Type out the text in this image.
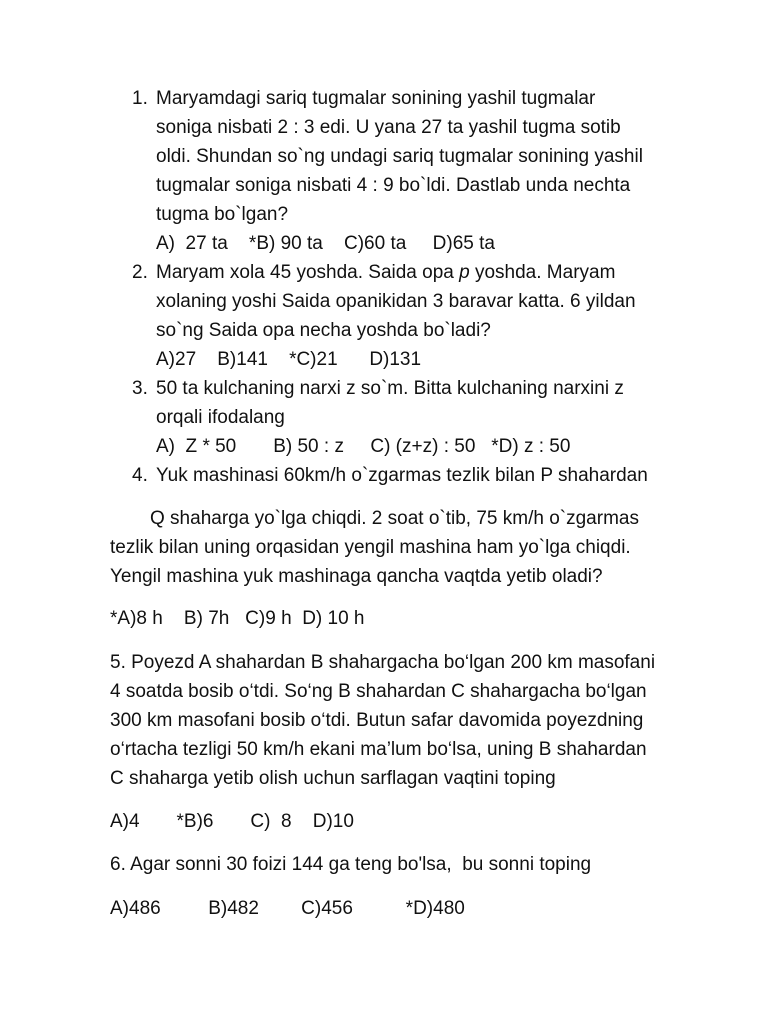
1. Maryamdagi sariq tugmalar sonining yashil tugmalar
soniga nisbati 2 : 3 edi. U yana 27 ta yashil tugma sotib
oldi. Shundan so`ng undagi sariq tugmalar sonining yashil
tugmalar soniga nisbati 4 : 9 bo`ldi. Dastlab unda nechta
tugma bo`lgan?
A)  27 ta    *B) 90 ta    C)60 ta     D)65 ta
2. Maryam xola 45 yoshda. Saida opa p yoshda. Maryam
xolaning yoshi Saida opanikidan 3 baravar katta. 6 yildan
so`ng Saida opa necha yoshda bo`ladi?
A)27    B)141    *C)21      D)131
3. 50 ta kulchaning narxi z so`m. Bitta kulchaning narxini z
orqali ifodalang
A)  Z * 50       B) 50 : z     C) (z+z) : 50   *D) z : 50
4. Yuk mashinasi 60km/h o`zgarmas tezlik bilan P shahardan
Q shaharga yo`lga chiqdi. 2 soat o`tib, 75 km/h o`zgarmas
tezlik bilan uning orqasidan yengil mashina ham yo`lga chiqdi.
Yengil mashina yuk mashinaga qancha vaqtda yetib oladi?
*A)8 h    B) 7h   C)9 h  D) 10 h
5. Poyezd A shahardan B shahargacha bo‘lgan 200 km masofani
4 soatda bosib o‘tdi. So‘ng B shahardan C shahargacha bo‘lgan
300 km masofani bosib o‘tdi. Butun safar davomida poyezdning
o‘rtacha tezligi 50 km/h ekani ma’lum bo‘lsa, uning B shahardan
C shaharga yetib olish uchun sarflagan vaqtini toping
A)4       *B)6       C)  8    D)10
6. Agar sonni 30 foizi 144 ga teng bo'lsa,  bu sonni toping
A)486         B)482        C)456          *D)480
